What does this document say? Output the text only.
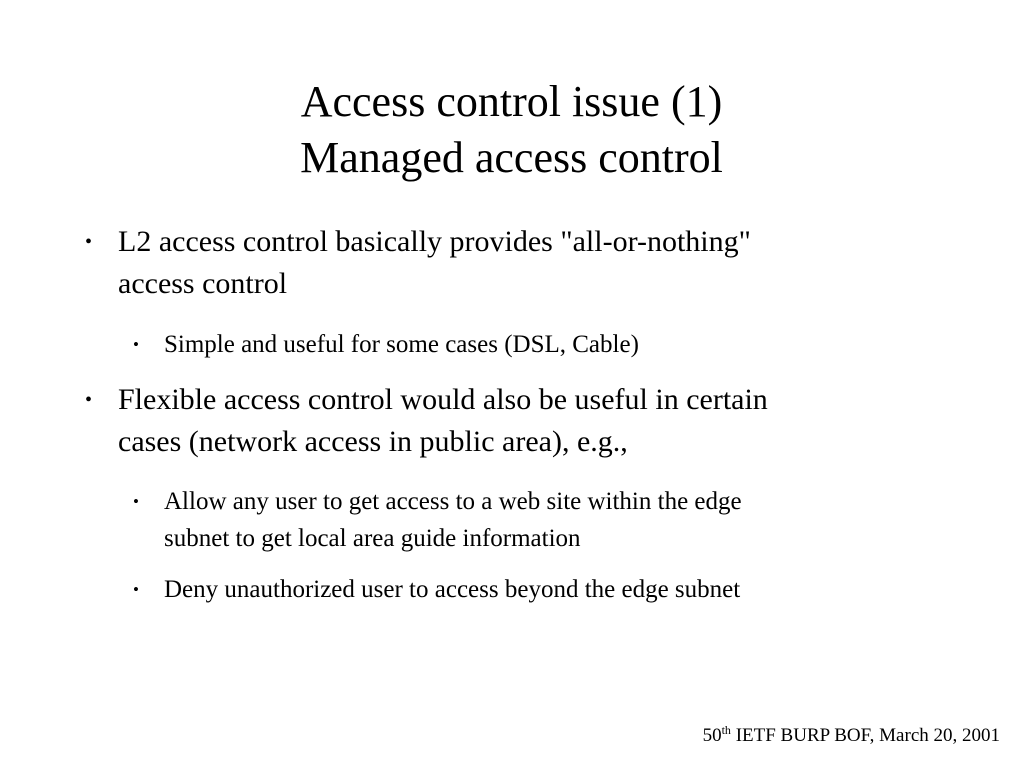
Access control issue (1)
Managed access control
• L2 access control basically provides "all-or-nothing"
access control
• Simple and useful for some cases (DSL, Cable)
• Flexible access control would also be useful in certain
cases (network access in public area), e.g.,
• Allow any user to get access to a web site within the edge
subnet to get local area guide information
• Deny unauthorized user to access beyond the edge subnet
50th IETF BURP BOF, March 20, 2001
